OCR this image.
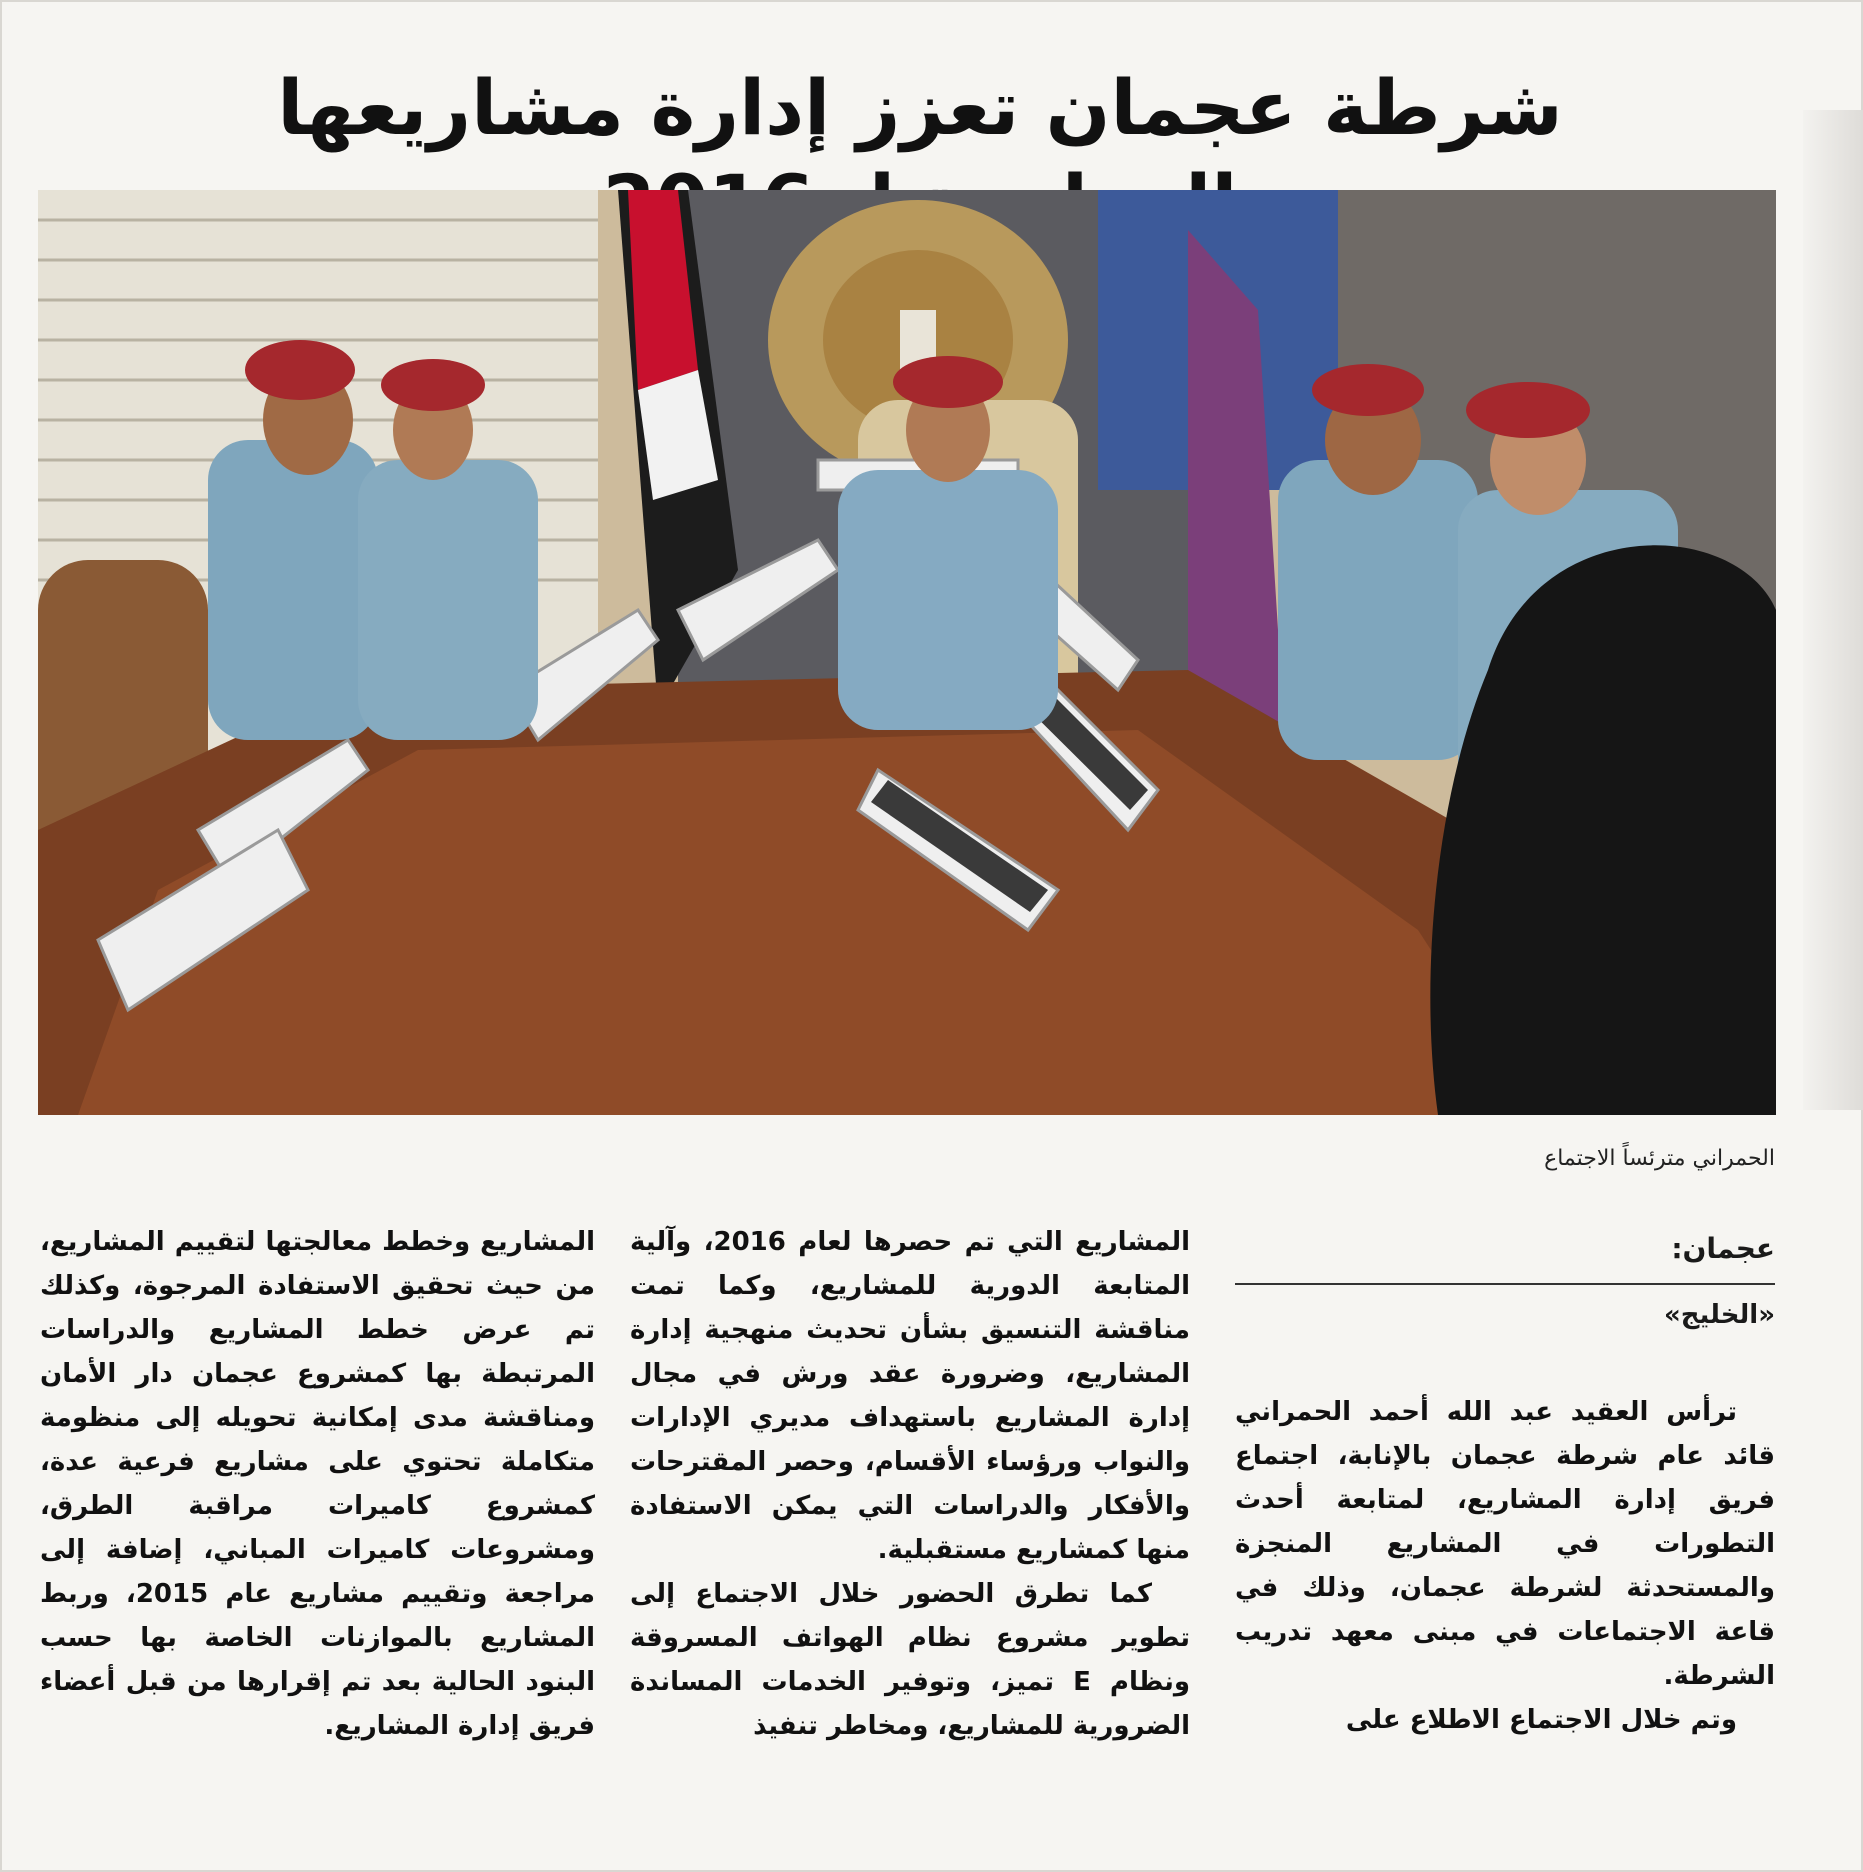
شرطة عجمان تعزز إدارة مشاريعها
الحمراني مترئساً الاجتماع
عجمان:
«الخليج»

ترأس العقيد عبد الله أحمد الحمراني قائد عام شرطة عجمان بالإنابة، اجتماع فريق إدارة المشاريع، لمتابعة أحدث التطورات في المشاريع المنجزة والمستحدثة لشرطة عجمان، وذلك في قاعة الاجتماعات في مبنى معهد تدريب الشرطة.

وتم خلال الاجتماع الاطلاع على

المشاريع التي تم حصرها لعام 2016، وآلية المتابعة الدورية للمشاريع، وكما تمت مناقشة التنسيق بشأن تحديث منهجية إدارة المشاريع، وضرورة عقد ورش في مجال إدارة المشاريع باستهداف مديري الإدارات والنواب ورؤساء الأقسام، وحصر المقترحات والأفكار والدراسات التي يمكن الاستفادة منها كمشاريع مستقبلية.

كما تطرق الحضور خلال الاجتماع إلى تطوير مشروع نظام الهواتف المسروقة ونظام E تميز، وتوفير الخدمات المساندة الضرورية للمشاريع، ومخاطر تنفيذ

المشاريع وخطط معالجتها لتقييم المشاريع، من حيث تحقيق الاستفادة المرجوة، وكذلك تم عرض خطط المشاريع والدراسات المرتبطة بها كمشروع عجمان دار الأمان ومناقشة مدى إمكانية تحويله إلى منظومة متكاملة تحتوي على مشاريع فرعية عدة، كمشروع كاميرات مراقبة الطرق، ومشروعات كاميرات المباني، إضافة إلى مراجعة وتقييم مشاريع عام 2015، وربط المشاريع بالموازنات الخاصة بها حسب البنود الحالية بعد تم إقرارها من قبل أعضاء فريق إدارة المشاريع.
